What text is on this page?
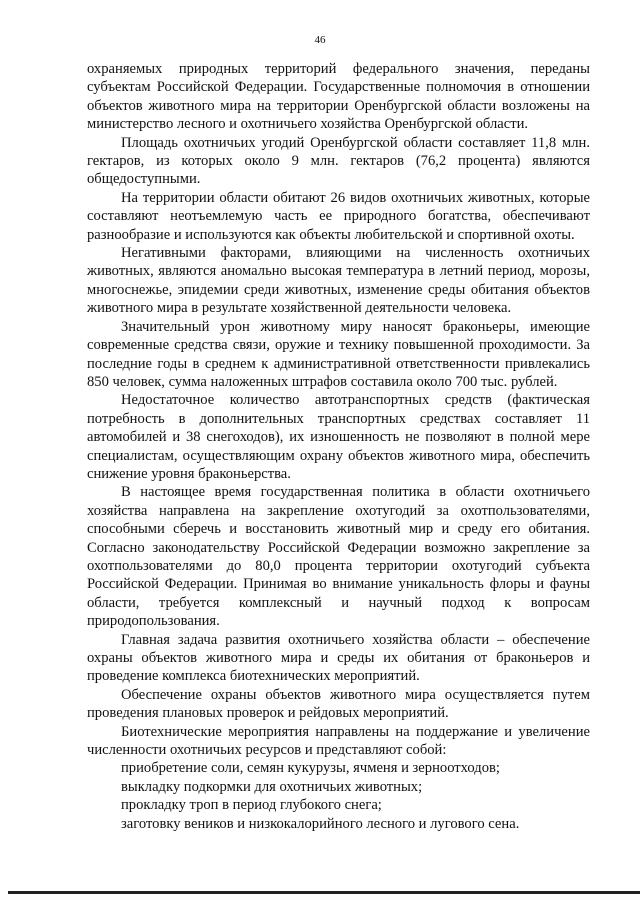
46

охраняемых природных территорий федерального значения, переданы субъектам Российской Федерации. Государственные полномочия в отношении объектов животного мира на территории Оренбургской области возложены на министерство лесного и охотничьего хозяйства Оренбургской области.

Площадь охотничьих угодий Оренбургской области составляет 11,8 млн. гектаров, из которых около 9 млн. гектаров (76,2 процента) являются общедоступными.

На территории области обитают 26 видов охотничьих животных, которые составляют неотъемлемую часть ее природного богатства, обеспечивают разнообразие и используются как объекты любительской и спортивной охоты.

Негативными факторами, влияющими на численность охотничьих животных, являются аномально высокая температура в летний период, морозы, многоснежье, эпидемии среди животных, изменение среды обитания объектов животного мира в результате хозяйственной деятельности человека.

Значительный урон животному миру наносят браконьеры, имеющие современные средства связи, оружие и технику повышенной проходимости. За последние годы в среднем к административной ответственности привлекались 850 человек, сумма наложенных штрафов составила около 700 тыс. рублей.

Недостаточное количество автотранспортных средств (фактическая потребность в дополнительных транспортных средствах составляет 11 автомобилей и 38 снегоходов), их изношенность не позволяют в полной мере специалистам, осуществляющим охрану объектов животного мира, обеспечить снижение уровня браконьерства.

В настоящее время государственная политика в области охотничьего хозяйства направлена на закрепление охотугодий за охотпользователями, способными сберечь и восстановить животный мир и среду его обитания. Согласно законодательству Российской Федерации возможно закрепление за охотпользователями до 80,0 процента территории охотугодий субъекта Российской Федерации. Принимая во внимание уникальность флоры и фауны области, требуется комплексный и научный подход к вопросам природопользования.

Главная задача развития охотничьего хозяйства области – обеспечение охраны объектов животного мира и среды их обитания от браконьеров и проведение комплекса биотехнических мероприятий.

Обеспечение охраны объектов животного мира осуществляется путем проведения плановых проверок и рейдовых мероприятий.

Биотехнические мероприятия направлены на поддержание и увеличение численности охотничьих ресурсов и представляют собой:

приобретение соли, семян кукурузы, ячменя и зерноотходов;

выкладку подкормки для охотничьих животных;

прокладку троп в период глубокого снега;

заготовку веников и низкокалорийного лесного и лугового сена.
